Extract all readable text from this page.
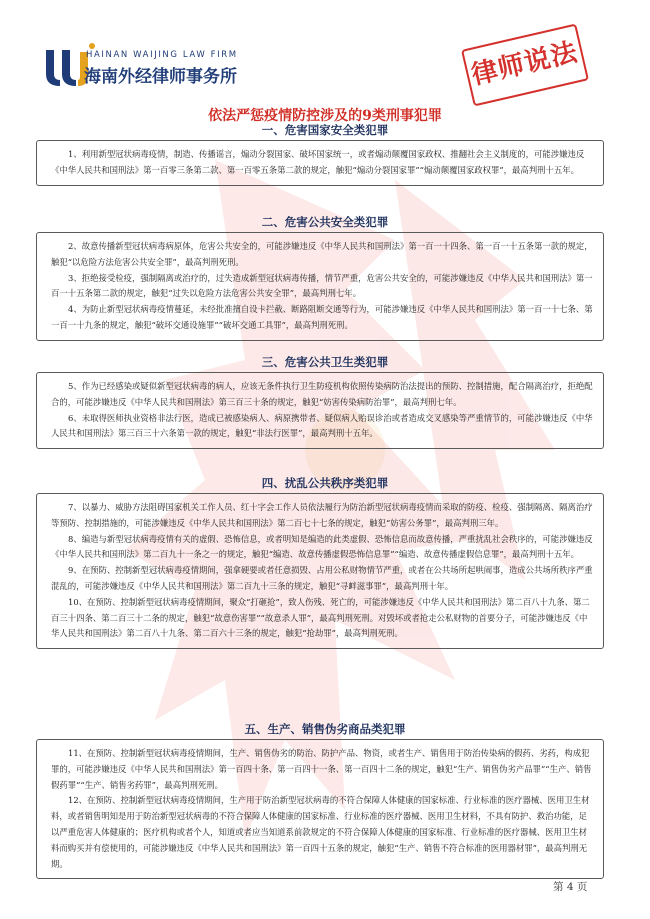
HAINAN WAIJING LAW FIRM
海南外经律师事务所	律师说法
依法严惩疫情防控涉及的9类刑事犯罪
一、危害国家安全类犯罪

1、利用新型冠状病毒疫情，制造、传播谣言，煽动分裂国家、破坏国家统一，或者煽动颠覆国家政权、推翻社会主义制度的，可能涉嫌违反《中华人民共和国刑法》第一百零三条第二款、第一百零五条第二款的规定，触犯“煽动分裂国家罪”“煽动颠覆国家政权罪”，最高判刑十五年。

二、危害公共安全类犯罪

2、故意传播新型冠状病毒病原体，危害公共安全的，可能涉嫌违反《中华人民共和国刑法》第一百一十四条、第一百一十五条第一款的规定，触犯“以危险方法危害公共安全罪”，最高判刑死刑。

3、拒绝接受检疫，强制隔离或治疗的，过失造成新型冠状病毒传播，情节严重，危害公共安全的，可能涉嫌违反《中华人民共和国刑法》第一百一十五条第二款的规定，触犯“过失以危险方法危害公共安全罪”，最高判刑七年。

4、为防止新型冠状病毒疫情蔓延，未经批准擅自设卡拦截、断路阻断交通等行为，可能涉嫌违反《中华人民共和国刑法》第一百一十七条、第一百一十九条的规定，触犯“破坏交通设施罪”“破坏交通工具罪”，最高判刑死刑。

三、危害公共卫生类犯罪

5、作为已经感染或疑似新型冠状病毒的病人，应该无条件执行卫生防疫机构依照传染病防治法提出的预防、控制措施，配合隔离治疗，拒绝配合的，可能涉嫌违反《中华人民共和国刑法》第三百三十条的规定，触犯“妨害传染病防治罪”，最高判刑七年。

6、未取得医师执业资格非法行医，造成已被感染病人、病原携带者、疑似病人贻误诊治或者造成交叉感染等严重情节的，可能涉嫌违反《中华人民共和国刑法》第三百三十六条第一款的规定，触犯“非法行医罪”，最高判刑十五年。

四、扰乱公共秩序类犯罪

7、以暴力、威胁方法阻碍国家机关工作人员、红十字会工作人员依法履行为防治新型冠状病毒疫情而采取的防疫、检疫、强制隔离、隔离治疗等预防、控制措施的，可能涉嫌违反《中华人民共和国刑法》第二百七十七条的规定，触犯“妨害公务罪”，最高判刑三年。

8、编造与新型冠状病毒疫情有关的虚假、恐怖信息，或者明知是编造的此类虚假、恐怖信息而故意传播，严重扰乱社会秩序的，可能涉嫌违反《中华人民共和国刑法》第二百九十一条之一的规定，触犯“编造、故意传播虚假恐怖信息罪”“编造、故意传播虚假信息罪”，最高判刑十五年。

9、在预防、控制新型冠状病毒疫情期间，强拿硬要或者任意损毁、占用公私财物情节严重，或者在公共场所起哄闹事，造成公共场所秩序严重混乱的，可能涉嫌违反《中华人民共和国刑法》第二百九十三条的规定，触犯“寻衅滋事罪”，最高判刑十年。

10、在预防、控制新型冠状病毒疫情期间，聚众“打砸抢”，致人伤残、死亡的，可能涉嫌违反《中华人民共和国刑法》第二百八十九条、第二百三十四条、第二百三十二条的规定，触犯“故意伤害罪”“故意杀人罪”，最高判刑死刑。对毁坏或者抢走公私财物的首要分子，可能涉嫌违反《中华人民共和国刑法》第二百八十九条、第二百六十三条的规定，触犯“抢劫罪”，最高判刑死刑。

五、生产、销售伪劣商品类犯罪

11、在预防、控制新型冠状病毒疫情期间，生产、销售伪劣的防治、防护产品、物资，或者生产、销售用于防治传染病的假药、劣药，构成犯罪的，可能涉嫌违反《中华人民共和国刑法》第一百四十条、第一百四十一条、第一百四十二条的规定，触犯“生产、销售伪劣产品罪”“生产、销售假药罪”“生产、销售劣药罪”，最高判刑死刑。

12、在预防、控制新型冠状病毒疫情期间，生产用于防治新型冠状病毒的不符合保障人体健康的国家标准、行业标准的医疗器械、医用卫生材料，或者销售明知是用于防治新型冠状病毒的不符合保障人体健康的国家标准、行业标准的医疗器械、医用卫生材料，不具有防护、救治功能，足以严重危害人体健康的；医疗机构或者个人，知道或者应当知道系前款规定的不符合保障人体健康的国家标准、行业标准的医疗器械、医用卫生材料而购买并有偿使用的，可能涉嫌违反《中华人民共和国刑法》第一百四十五条的规定，触犯“生产、销售不符合标准的医用器材罪”，最高判刑无期。

第 4 页
